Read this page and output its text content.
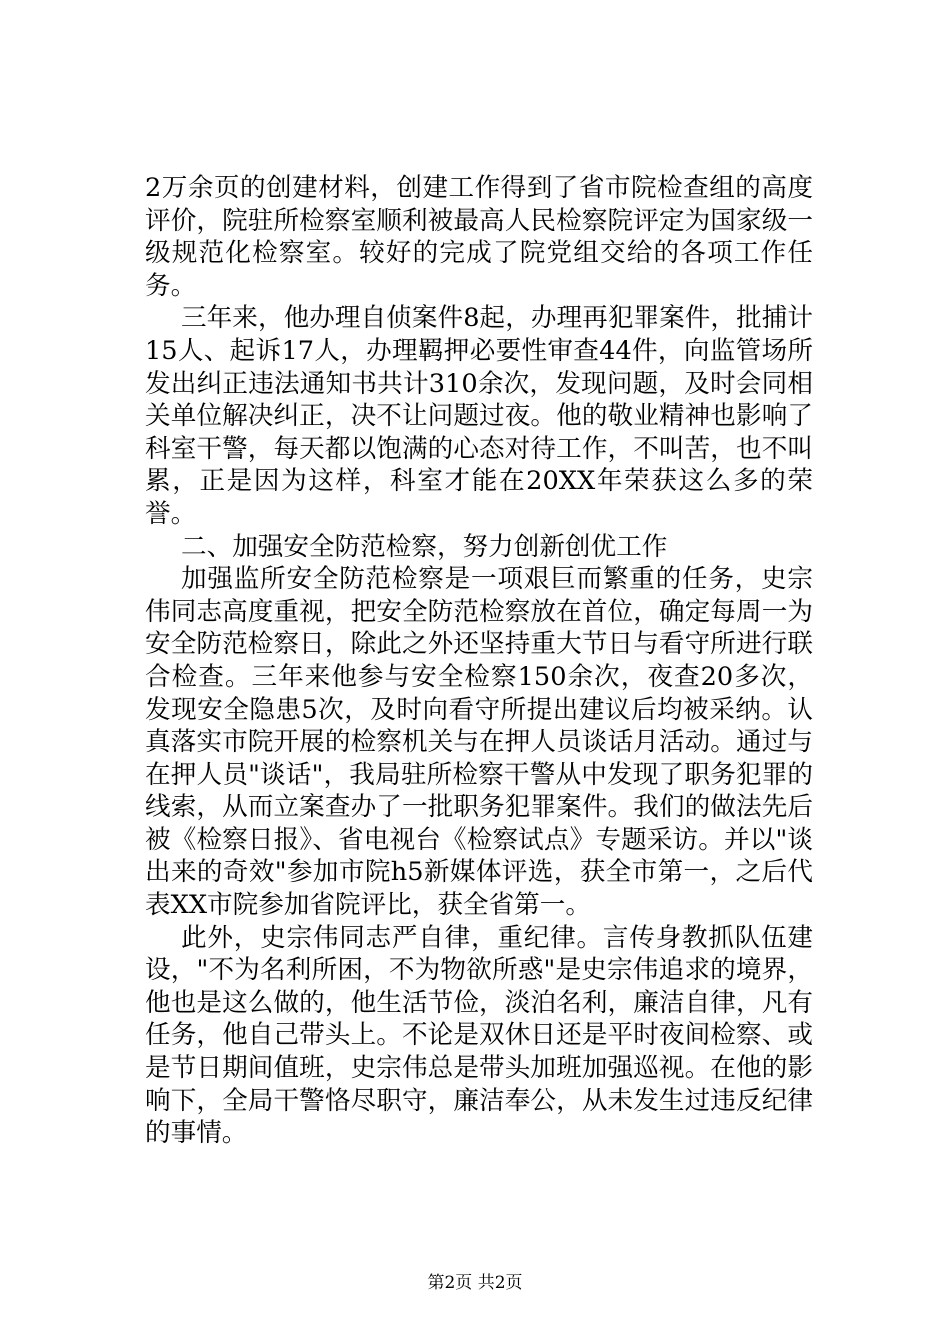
2万余页的创建材料，创建工作得到了省市院检查组的高度评价，院驻所检察室顺利被最高人民检察院评定为国家级一级规范化检察室。较好的完成了院党组交给的各项工作任务。

三年来，他办理自侦案件8起，办理再犯罪案件，批捕计15人、起诉17人，办理羁押必要性审查44件，向监管场所发出纠正违法通知书共计310余次，发现问题，及时会同相关单位解决纠正，决不让问题过夜。他的敬业精神也影响了科室干警，每天都以饱满的心态对待工作，不叫苦，也不叫累，正是因为这样，科室才能在20XX年荣获这么多的荣誉。

二、加强安全防范检察，努力创新创优工作

加强监所安全防范检察是一项艰巨而繁重的任务，史宗伟同志高度重视，把安全防范检察放在首位，确定每周一为安全防范检察日，除此之外还坚持重大节日与看守所进行联合检查。三年来他参与安全检察150余次，夜查20多次，发现安全隐患5次，及时向看守所提出建议后均被采纳。认真落实市院开展的检察机关与在押人员谈话月活动。通过与在押人员"谈话"，我局驻所检察干警从中发现了职务犯罪的线索，从而立案查办了一批职务犯罪案件。我们的做法先后被《检察日报》、省电视台《检察试点》专题采访。并以"谈出来的奇效"参加市院h5新媒体评选，获全市第一，之后代表XX市院参加省院评比，获全省第一。

此外，史宗伟同志严自律，重纪律。言传身教抓队伍建设，"不为名利所困，不为物欲所惑"是史宗伟追求的境界，他也是这么做的，他生活节俭，淡泊名利，廉洁自律，凡有任务，他自己带头上。不论是双休日还是平时夜间检察、或是节日期间值班，史宗伟总是带头加班加强巡视。在他的影响下，全局干警恪尽职守，廉洁奉公，从未发生过违反纪律的事情。

第2页 共2页
